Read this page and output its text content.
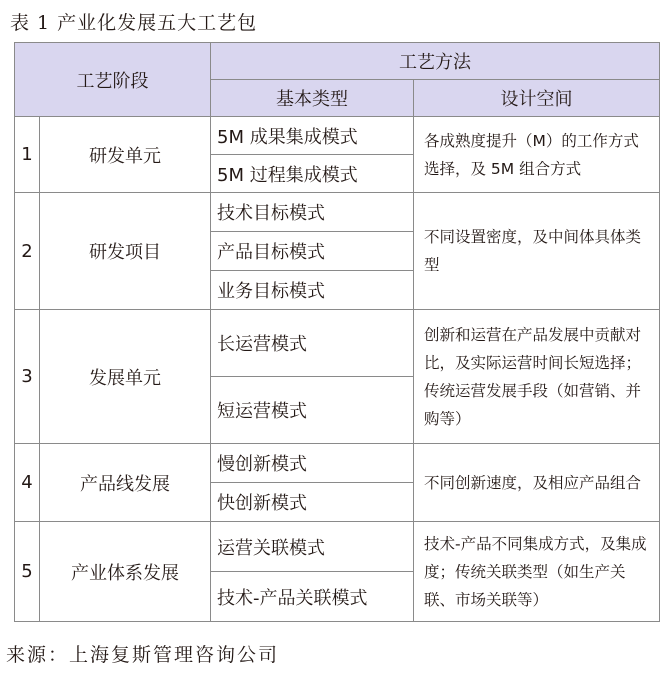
表 1 产业化发展五大工艺包
工艺阶段		工艺方法	
		基本类型	设计空间
1	研发单元	5M 成果集成模式	各成熟度提升（M）的工作方式选择，及 5M 组合方式
		5M 过程集成模式	
2	研发项目	技术目标模式	不同设置密度，及中间体具体类型
		产品目标模式	
		业务目标模式	
3	发展单元	长运营模式	创新和运营在产品发展中贡献对比，及实际运营时间长短选择；传统运营发展手段（如营销、并购等）
		短运营模式	
4	产品线发展	慢创新模式	不同创新速度，及相应产品组合
		快创新模式	
5	产业体系发展	运营关联模式	技术-产品不同集成方式，及集成度；传统关联类型（如生产关联、市场关联等）
		技术-产品关联模式	
来源：上海复斯管理咨询公司
